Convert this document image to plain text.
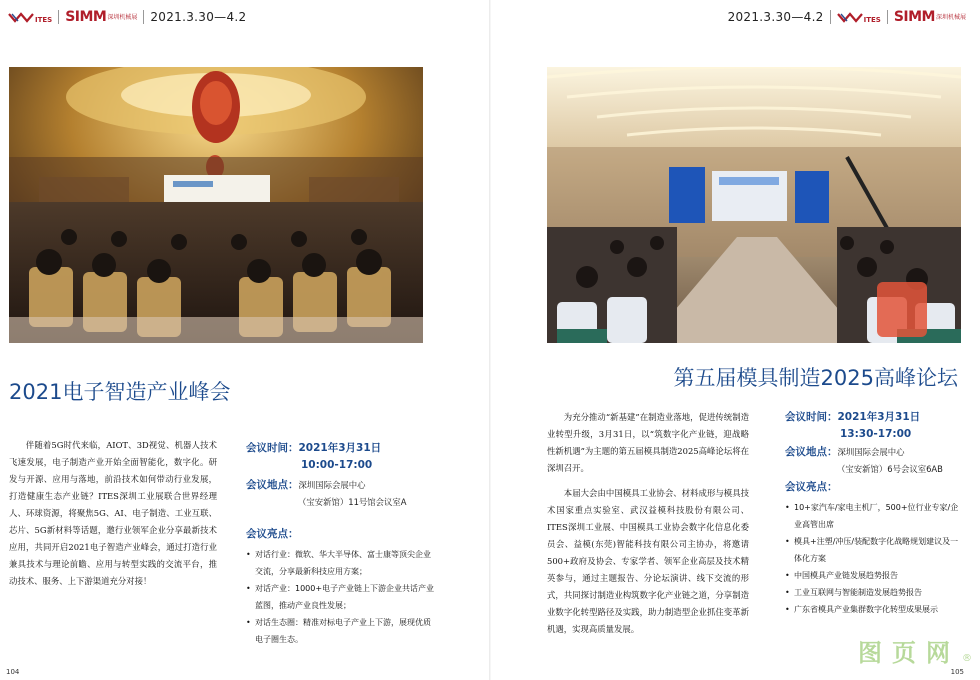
ITES SIMM 深圳机械展 2021.3.30—4.2
2021电子智造产业峰会

伴随着5G时代来临，AIOT、3D视觉、机器人技术飞速发展，电子制造产业开始全面智能化，数字化。研发与开源、应用与落地，前沿技术如何带动行业发展，打造健康生态产业链？ITES深圳工业展联合世界经理人、环球资源，将聚焦5G、AI、电子制造、工业互联、芯片、5G新材料等话题，邀行业领军企业分享最新技术应用，共同开启2021电子智造产业峰会，通过打造行业兼具技术与理论前瞻、应用与转型实践的交流平台，推动技术、服务、上下游渠道充分对接！

会议时间：2021年3月31日
10:00-17:00
会议地点：深圳国际会展中心
（宝安新馆）11号馆会议室A
会议亮点：
• 对话行业：微软、华大半导体、富士康等顶尖企业交流，分享最新科技应用方案；
• 对话产业：1000+电子产业链上下游企业共话产业蓝图，推动产业良性发展；
• 对话生态圈：精准对标电子产业上下游，展现优质电子圈生态。
104
2021.3.30—4.2	ITES SIMM 深圳机械展
第五届模具制造2025高峰论坛

为充分推动“新基建”在制造业落地，促进传统制造业转型升级，3月31日，以“筑数字化产业链，迎战略性新机遇”为主题的第五届模具制造2025高峰论坛将在深圳召开。

本届大会由中国模具工业协会、材料成形与模具技术国家重点实验室、武汉益模科技股份有限公司、ITES深圳工业展、中国模具工业协会数字化信息化委员会、益模(东莞)智能科技有限公司主协办，将邀请500+政府及协会、专家学者、领军企业高层及技术精英参与，通过主题报告、分论坛演讲、线下交流的形式，共同探讨制造业构筑数字化产业链之道，分享制造业数字化转型路径及实践，助力制造型企业抓住变革新机遇，实现高质量发展。

会议时间：2021年3月31日
13:30-17:00
会议地点：深圳国际会展中心
（宝安新馆）6号会议室6AB
会议亮点：
• 10+家汽车/家电主机厂，500+位行业专家/企业高管出席
• 模具+注塑/冲压/装配数字化战略规划建议及一体化方案
• 中国模具产业链发展趋势报告
• 工业互联网与智能制造发展趋势报告
• 广东省模具产业集群数字化转型成果展示
图页网$_®$
105
